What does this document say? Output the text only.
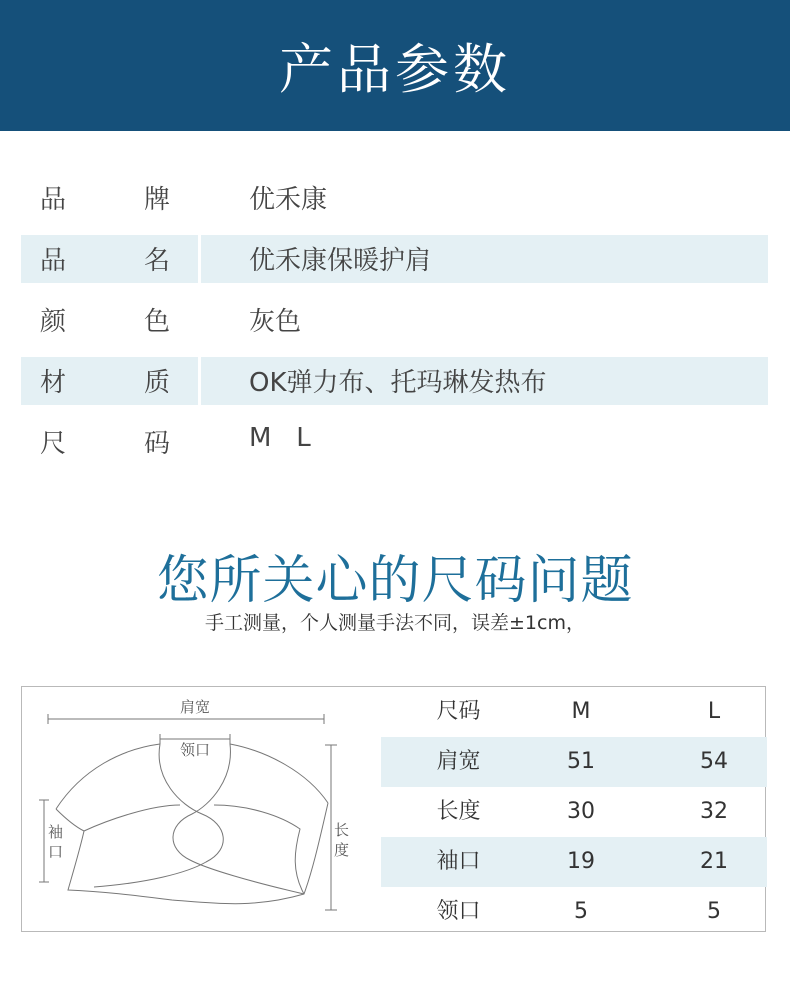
产品参数
品	牌	优禾康
品	名	优禾康保暖护肩
颜	色	灰色
材	质	OK弹力布、托玛琳发热布
尺	码	M   L
您所关心的尺码问题
手工测量，个人测量手法不同，误差±1cm，
肩宽
领口
袖
口
长
度
尺码	M	L
肩宽	51	54
长度	30	32
袖口	19	21
领口	5	5
